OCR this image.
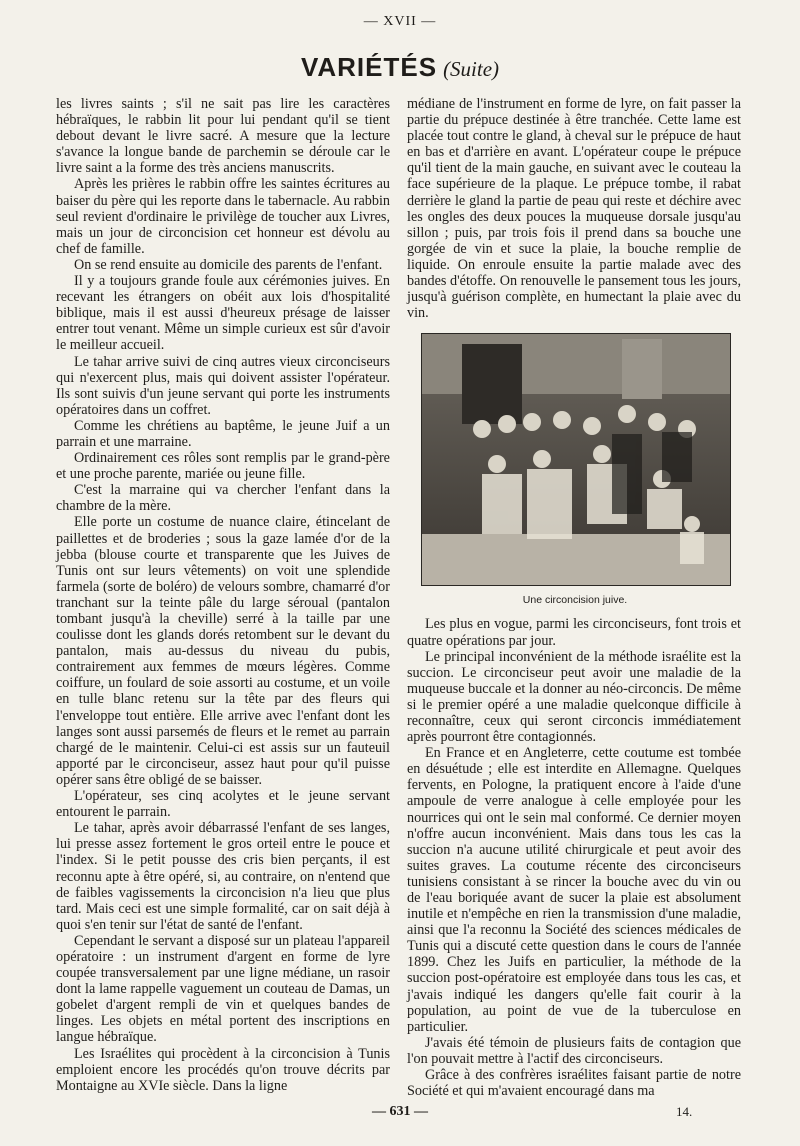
— XVII —
VARIÉTÉS (Suite)

les livres saints ; s'il ne sait pas lire les caractères hébraïques, le rabbin lit pour lui pendant qu'il se tient debout devant le livre sacré. A mesure que la lecture s'avance la longue bande de parchemin se déroule car le livre saint a la forme des très anciens manuscrits.

Après les prières le rabbin offre les saintes écritures au baiser du père qui les reporte dans le tabernacle. Au rabbin seul revient d'ordinaire le privilège de toucher aux Livres, mais un jour de circoncision cet honneur est dévolu au chef de famille.

On se rend ensuite au domicile des parents de l'enfant.

Il y a toujours grande foule aux cérémonies juives. En recevant les étrangers on obéit aux lois d'hospitalité biblique, mais il est aussi d'heureux présage de laisser entrer tout venant. Même un simple curieux est sûr d'avoir le meilleur accueil.

Le tahar arrive suivi de cinq autres vieux circonciseurs qui n'exercent plus, mais qui doivent assister l'opérateur. Ils sont suivis d'un jeune servant qui porte les instruments opératoires dans un coffret.

Comme les chrétiens au baptême, le jeune Juif a un parrain et une marraine.

Ordinairement ces rôles sont remplis par le grand-père et une proche parente, mariée ou jeune fille.

C'est la marraine qui va chercher l'enfant dans la chambre de la mère.

Elle porte un costume de nuance claire, étincelant de paillettes et de broderies ; sous la gaze lamée d'or de la jebba (blouse courte et transparente que les Juives de Tunis ont sur leurs vêtements) on voit une splendide farmela (sorte de boléro) de velours sombre, chamarré d'or tranchant sur la teinte pâle du large séroual (pantalon tombant jusqu'à la cheville) serré à la taille par une coulisse dont les glands dorés retombent sur le devant du pantalon, mais au-dessus du niveau du pubis, contrairement aux femmes de mœurs légères. Comme coiffure, un foulard de soie assorti au costume, et un voile en tulle blanc retenu sur la tête par des fleurs qui l'enveloppe tout entière. Elle arrive avec l'enfant dont les langes sont aussi parsemés de fleurs et le remet au parrain chargé de le maintenir. Celui-ci est assis sur un fauteuil apporté par le circonciseur, assez haut pour qu'il puisse opérer sans être obligé de se baisser.

L'opérateur, ses cinq acolytes et le jeune servant entourent le parrain.

Le tahar, après avoir débarrassé l'enfant de ses langes, lui presse assez fortement le gros orteil entre le pouce et l'index. Si le petit pousse des cris bien perçants, il est reconnu apte à être opéré, si, au contraire, on n'entend que de faibles vagissements la circoncision n'a lieu que plus tard. Mais ceci est une simple formalité, car on sait déjà à quoi s'en tenir sur l'état de santé de l'enfant.

Cependant le servant a disposé sur un plateau l'appareil opératoire : un instrument d'argent en forme de lyre coupée transversalement par une ligne médiane, un rasoir dont la lame rappelle vaguement un couteau de Damas, un gobelet d'argent rempli de vin et quelques bandes de linges. Les objets en métal portent des inscriptions en langue hébraïque.

Les Israélites qui procèdent à la circoncision à Tunis emploient encore les procédés qu'on trouve décrits par Montaigne au XVIe siècle. Dans la ligne

médiane de l'instrument en forme de lyre, on fait passer la partie du prépuce destinée à être tranchée. Cette lame est placée tout contre le gland, à cheval sur le prépuce de haut en bas et d'arrière en avant. L'opérateur coupe le prépuce qu'il tient de la main gauche, en suivant avec le couteau la face supérieure de la plaque. Le prépuce tombe, il rabat derrière le gland la partie de peau qui reste et déchire avec les ongles des deux pouces la muqueuse dorsale jusqu'au sillon ; puis, par trois fois il prend dans sa bouche une gorgée de vin et suce la plaie, la bouche remplie de liquide. On enroule ensuite la partie malade avec des bandes d'étoffe. On renouvelle le pansement tous les jours, jusqu'à guérison complète, en humectant la plaie avec du vin.

Une circoncision juive.

Les plus en vogue, parmi les circonciseurs, font trois et quatre opérations par jour.

Le principal inconvénient de la méthode israélite est la succion. Le circonciseur peut avoir une maladie de la muqueuse buccale et la donner au néo-circoncis. De même si le premier opéré a une maladie quelconque difficile à reconnaître, ceux qui seront circoncis immédiatement après pourront être contagionnés.

En France et en Angleterre, cette coutume est tombée en désuétude ; elle est interdite en Allemagne. Quelques fervents, en Pologne, la pratiquent encore à l'aide d'une ampoule de verre analogue à celle employée pour les nourrices qui ont le sein mal conformé. Ce dernier moyen n'offre aucun inconvénient. Mais dans tous les cas la succion n'a aucune utilité chirurgicale et peut avoir des suites graves. La coutume récente des circonciseurs tunisiens consistant à se rincer la bouche avec du vin ou de l'eau boriquée avant de sucer la plaie est absolument inutile et n'empêche en rien la transmission d'une maladie, ainsi que l'a reconnu la Société des sciences médicales de Tunis qui a discuté cette question dans le cours de l'année 1899. Chez les Juifs en particulier, la méthode de la succion post-opératoire est employée dans tous les cas, et j'avais indiqué les dangers qu'elle fait courir à la population, au point de vue de la tuberculose en particulier.

J'avais été témoin de plusieurs faits de contagion que l'on pouvait mettre à l'actif des circonciseurs.

Grâce à des confrères israélites faisant partie de notre Société et qui m'avaient encouragé dans ma

— 631 —	14.
